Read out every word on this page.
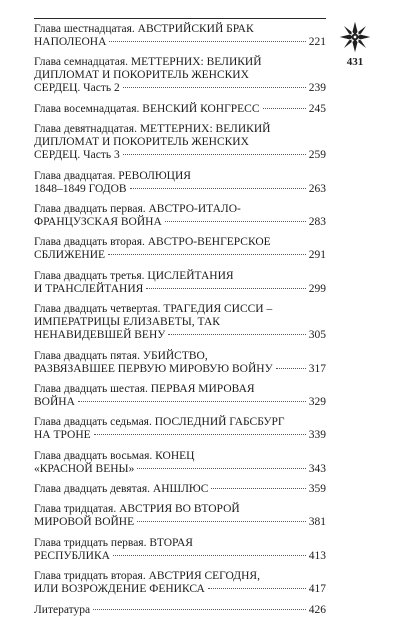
431
Глава шестнадцатая. АВСТРИЙСКИЙ БРАК
НАПОЛЕОНА	221
Глава семнадцатая. МЕТТЕРНИХ: ВЕЛИКИЙ
ДИПЛОМАТ И ПОКОРИТЕЛЬ ЖЕНСКИХ
СЕРДЕЦ. Часть 2	239
Глава восемнадцатая. ВЕНСКИЙ КОНГРЕСС	245
Глава девятнадцатая. МЕТТЕРНИХ: ВЕЛИКИЙ
ДИПЛОМАТ И ПОКОРИТЕЛЬ ЖЕНСКИХ
СЕРДЕЦ. Часть 3	259
Глава двадцатая. РЕВОЛЮЦИЯ
1848–1849 ГОДОВ	263
Глава двадцать первая. АВСТРО-ИТАЛО-
ФРАНЦУЗСКАЯ ВОЙНА	283
Глава двадцать вторая. АВСТРО-ВЕНГЕРСКОЕ
СБЛИЖЕНИЕ	291
Глава двадцать третья. ЦИСЛЕЙТАНИЯ
И ТРАНСЛЕЙТАНИЯ	299
Глава двадцать четвертая. ТРАГЕДИЯ СИССИ –
ИМПЕРАТРИЦЫ ЕЛИЗАВЕТЫ, ТАК
НЕНАВИДЕВШЕЙ ВЕНУ	305
Глава двадцать пятая. УБИЙСТВО,
РАЗВЯЗАВШЕЕ ПЕРВУЮ МИРОВУЮ ВОЙНУ	317
Глава двадцать шестая. ПЕРВАЯ МИРОВАЯ
ВОЙНА	329
Глава двадцать седьмая. ПОСЛЕДНИЙ ГАБСБУРГ
НА ТРОНЕ	339
Глава двадцать восьмая. КОНЕЦ
«КРАСНОЙ ВЕНЫ»	343
Глава двадцать девятая. АНШЛЮС	359
Глава тридцатая. АВСТРИЯ ВО ВТОРОЙ
МИРОВОЙ ВОЙНЕ	381
Глава тридцать первая. ВТОРАЯ
РЕСПУБЛИКА	413
Глава тридцать вторая. АВСТРИЯ СЕГОДНЯ,
ИЛИ ВОЗРОЖДЕНИЕ ФЕНИКСА	417
Литература	426
